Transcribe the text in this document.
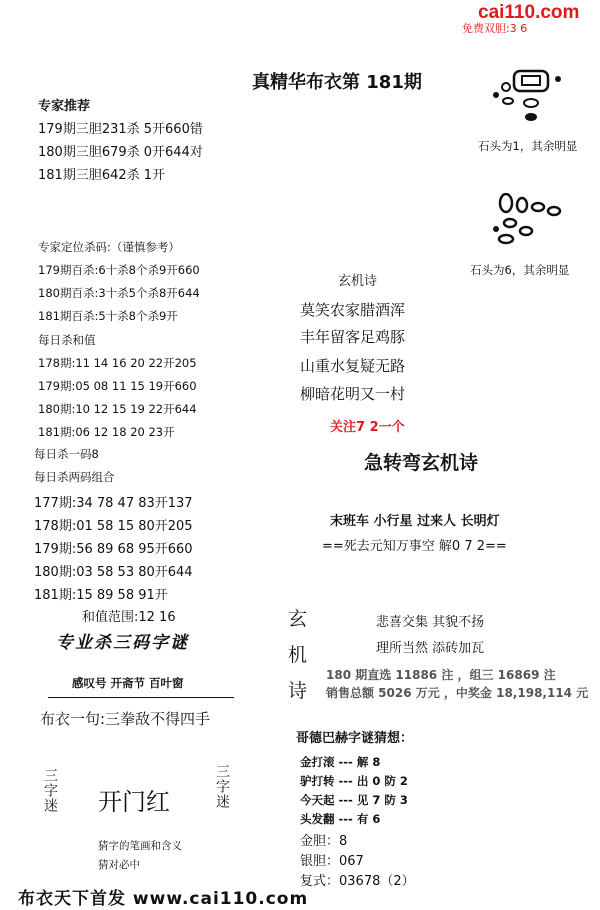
cai110.com
免费双胆:3 6
真精华布衣第 181期
专家推荐
179期三胆231杀 5开660错
180期三胆679杀 0开644对
181期三胆642杀 1开
石头为1，其余明显
石头为6，其余明显
专家定位杀码:（谨慎参考）
179期百杀:6十杀8个杀9开660
180期百杀:3十杀5个杀8开644
181期百杀:5十杀8个杀9开
每日杀和值
178期:11 14 16 20 22开205
179期:05 08 11 15 19开660
180期:10 12 15 19 22开644
181期:06 12 18 20 23开
每日杀一码8
每日杀两码组合
177期:34 78 47 83开137
178期:01 58 15 80开205
179期:56 89 68 95开660
180期:03 58 53 80开644
181期:15 89 58 91开
和值范围:12 16
专业杀三码字谜
感叹号 开斋节 百叶窗
布衣一句:三拳敌不得四手
三字迷 开门红	三字迷
猜字的笔画和含义
猜对必中
玄机诗
莫笑农家腊酒浑
丰年留客足鸡豚
山重水复疑无路
柳暗花明又一村
关注7 2一个
急转弯玄机诗
末班车 小行星 过来人 长明灯
==死去元知万事空 解0 7 2==
玄
机
诗
悲喜交集 其貌不扬
理所当然 添砖加瓦
180 期直选 11886 注 ，组三 16869 注
销售总额 5026 万元 ，中奖金 18,198,114 元
哥德巴赫字谜猜想：
金打滚 --- 解 8
驴打转 --- 出 0 防 2
今天起 --- 见 7 防 3
头发翻 --- 有 6
金胆：8
银胆：067
复式：03678（2）
布衣天下首发 www.cai110.com
